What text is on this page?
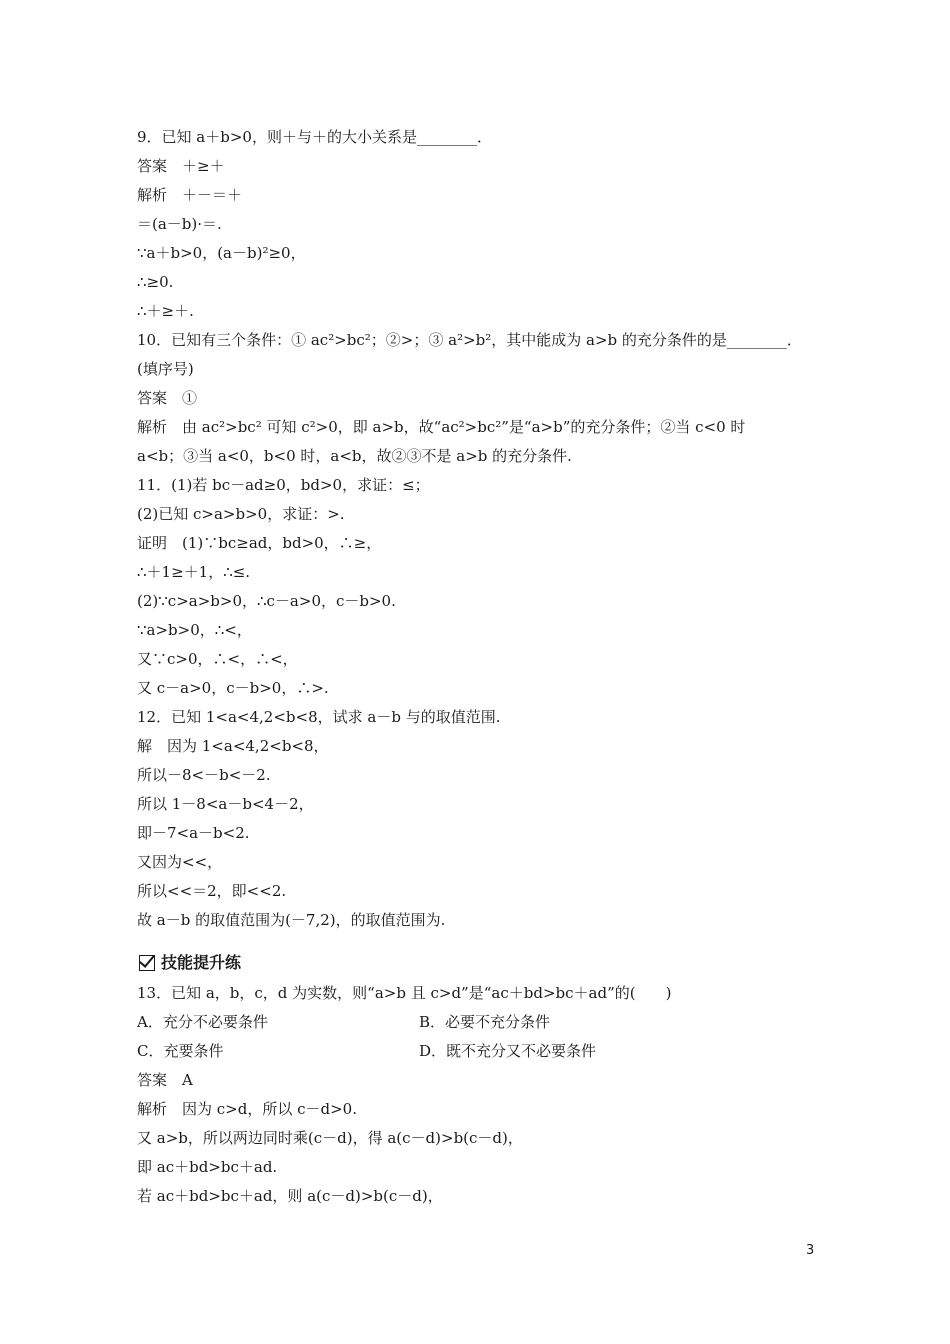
9．已知 a＋b>0，则＋与＋的大小关系是________．
答案　＋≥＋
解析　＋－＝＋
＝(a－b)·＝.
∵a＋b>0，(a－b)²≥0，
∴≥0.
∴＋≥＋.
10．已知有三个条件：① ac²>bc²；②>；③ a²>b²，其中能成为 a>b 的充分条件的是________．
(填序号)
答案　①
解析　由 ac²>bc² 可知 c²>0，即 a>b，故“ac²>bc²”是“a>b”的充分条件；②当 c<0 时
a<b；③当 a<0，b<0 时，a<b，故②③不是 a>b 的充分条件.
11．(1)若 bc－ad≥0，bd>0，求证：≤；
(2)已知 c>a>b>0，求证：>.
证明　(1)∵bc≥ad，bd>0，∴≥，
∴＋1≥＋1，∴≤.
(2)∵c>a>b>0，∴c－a>0，c－b>0.
∵a>b>0，∴<，
又∵c>0，∴<，∴<，
又 c－a>0，c－b>0，∴>.
12．已知 1<a<4,2<b<8，试求 a－b 与的取值范围.
解　因为 1<a<4,2<b<8，
所以－8<－b<－2.
所以 1－8<a－b<4－2，
即－7<a－b<2.
又因为<<，
所以<<＝2，即<<2.
故 a－b 的取值范围为(－7,2)，的取值范围为.
技能提升练
13．已知 a，b，c，d 为实数，则“a>b 且 c>d”是“ac＋bd>bc＋ad”的(　　)
A．充分不必要条件	B．必要不充分条件
C．充要条件	D．既不充分又不必要条件
答案　A
解析　因为 c>d，所以 c－d>0.
又 a>b，所以两边同时乘(c－d)，得 a(c－d)>b(c－d)，
即 ac＋bd>bc＋ad.
若 ac＋bd>bc＋ad，则 a(c－d)>b(c－d)，
3
